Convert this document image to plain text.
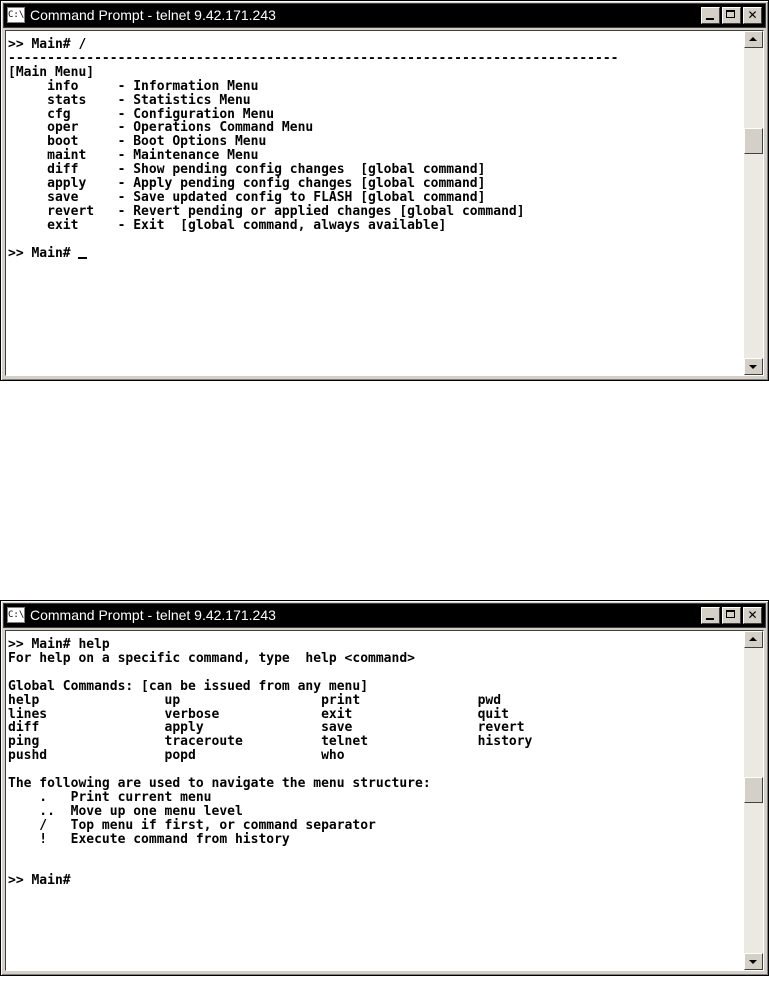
C:\ Command Prompt - telnet 9.42.171.243	✕
>> Main# /
------------------------------------------------------------------------------
[Main Menu]
info     - Information Menu
stats    - Statistics Menu
cfg      - Configuration Menu
oper     - Operations Command Menu
boot     - Boot Options Menu
maint    - Maintenance Menu
diff     - Show pending config changes  [global command]
apply    - Apply pending config changes [global command]
save     - Save updated config to FLASH [global command]
revert   - Revert pending or applied changes [global command]
exit     - Exit  [global command, always available]

>> Main#
C:\ Command Prompt - telnet 9.42.171.243	✕
>> Main# help
For help on a specific command, type  help <command>

Global Commands: [can be issued from any menu]
help                up                  print               pwd
lines               verbose             exit                quit
diff                apply               save                revert
ping                traceroute          telnet              history
pushd               popd                who

The following are used to navigate the menu structure:
.   Print current menu
..  Move up one menu level
/   Top menu if first, or command separator
!   Execute command from history

>> Main#
